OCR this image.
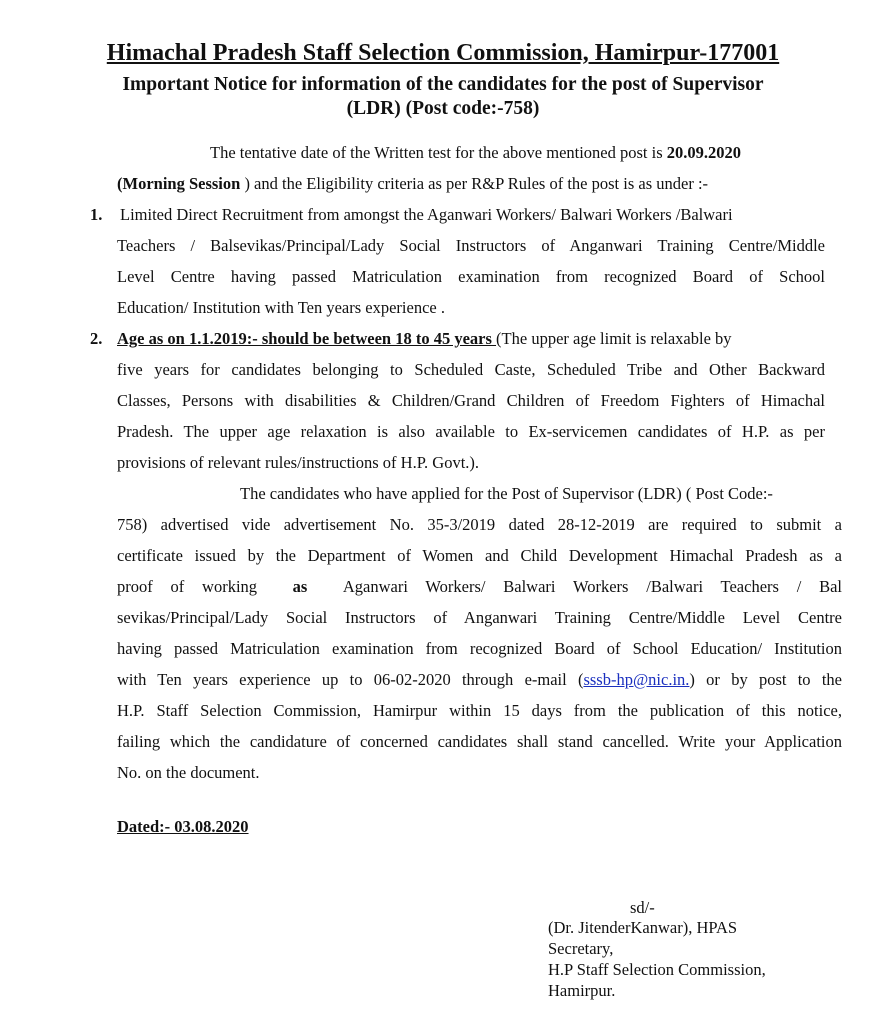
Himachal Pradesh Staff Selection Commission, Hamirpur-177001
Important Notice for information of the candidates for the post of Supervisor
(LDR) (Post code:-758)
The tentative date of the Written test for the above mentioned post is 20.09.2020
(Morning Session ) and the Eligibility criteria as per R&P Rules of the post is as under :-
1. Limited Direct Recruitment from amongst the Aganwari Workers/ Balwari Workers /Balwari
Teachers / Balsevikas/Principal/Lady Social Instructors of Anganwari Training Centre/Middle
Level Centre having passed Matriculation examination from recognized Board of School
Education/ Institution with Ten years experience .
2. Age as on 1.1.2019:- should be between 18 to 45 years (The upper age limit is relaxable by
five years for candidates belonging to Scheduled Caste, Scheduled Tribe and Other Backward
Classes, Persons with disabilities & Children/Grand Children of Freedom Fighters of Himachal
Pradesh. The upper age relaxation is also available to Ex-servicemen candidates of H.P. as per
provisions of relevant rules/instructions of H.P. Govt.).
The candidates who have applied for the Post of Supervisor (LDR) ( Post Code:-
758) advertised vide advertisement No. 35-3/2019 dated 28-12-2019 are required to submit a
certificate issued by the Department of Women and Child Development Himachal Pradesh as a
proof of working as Aganwari Workers/ Balwari Workers /Balwari Teachers / Bal
sevikas/Principal/Lady Social Instructors of Anganwari Training Centre/Middle Level Centre
having passed Matriculation examination from recognized Board of School Education/ Institution
with Ten years experience up to 06-02-2020 through e-mail (sssb-hp@nic.in.) or by post to the
H.P. Staff Selection Commission, Hamirpur within 15 days from the publication of this notice,
failing which the candidature of concerned candidates shall stand cancelled. Write your Application
No. on the document.
Dated:- 03.08.2020
sd/-
(Dr. JitenderKanwar), HPAS
Secretary,
H.P Staff Selection Commission,
Hamirpur.
